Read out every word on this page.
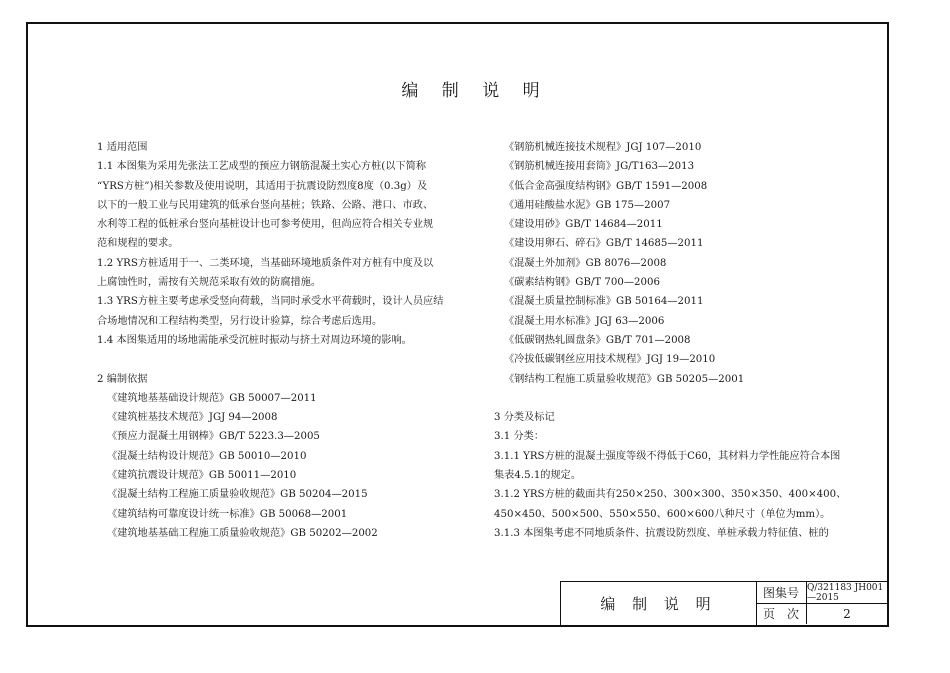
编 制 说 明

1 适用范围

1.1 本图集为采用先张法工艺成型的预应力钢筋混凝土实心方桩(以下简称

“YRS方桩”)相关参数及使用说明，其适用于抗震设防烈度8度（0.3g）及

以下的一般工业与民用建筑的低承台竖向基桩；铁路、公路、港口、市政、

水利等工程的低桩承台竖向基桩设计也可参考使用，但尚应符合相关专业规

范和规程的要求。

1.2 YRS方桩适用于一、二类环境，当基础环境地质条件对方桩有中度及以

上腐蚀性时，需按有关规范采取有效的防腐措施。

1.3 YRS方桩主要考虑承受竖向荷载，当同时承受水平荷载时，设计人员应结

合场地情况和工程结构类型，另行设计验算，综合考虑后选用。

1.4 本图集适用的场地需能承受沉桩时振动与挤土对周边环境的影响。

2 编制依据

《建筑地基基础设计规范》GB 50007—2011

《建筑桩基技术规范》JGJ 94—2008

《预应力混凝土用钢棒》GB/T 5223.3—2005

《混凝土结构设计规范》GB 50010—2010

《建筑抗震设计规范》GB 50011—2010

《混凝土结构工程施工质量验收规范》GB 50204—2015

《建筑结构可靠度设计统一标准》GB 50068—2001

《建筑地基基础工程施工质量验收规范》GB 50202—2002

《钢筋机械连接技术规程》JGJ 107—2010

《钢筋机械连接用套筒》JG/T163—2013

《低合金高强度结构钢》GB/T 1591—2008

《通用硅酸盐水泥》GB 175—2007

《建设用砂》GB/T 14684—2011

《建设用卵石、碎石》GB/T 14685—2011

《混凝土外加剂》GB 8076—2008

《碳素结构钢》GB/T 700—2006

《混凝土质量控制标准》GB 50164—2011

《混凝土用水标准》JGJ 63—2006

《低碳钢热轧圆盘条》GB/T 701—2008

《冷拔低碳钢丝应用技术规程》JGJ 19—2010

《钢结构工程施工质量验收规范》GB 50205—2001

3 分类及标记

3.1 分类：

3.1.1 YRS方桩的混凝土强度等级不得低于C60，其材料力学性能应符合本图

集表4.5.1的规定。

3.1.2 YRS方桩的截面共有250×250、300×300、350×350、400×400、

450×450、500×500、550×550、600×600八种尺寸（单位为mm）。

3.1.3 本图集考虑不同地质条件、抗震设防烈度、单桩承载力特征值、桩的

编 制 说 明
图集号 Q/321183 JH001—2015
页　次	2
